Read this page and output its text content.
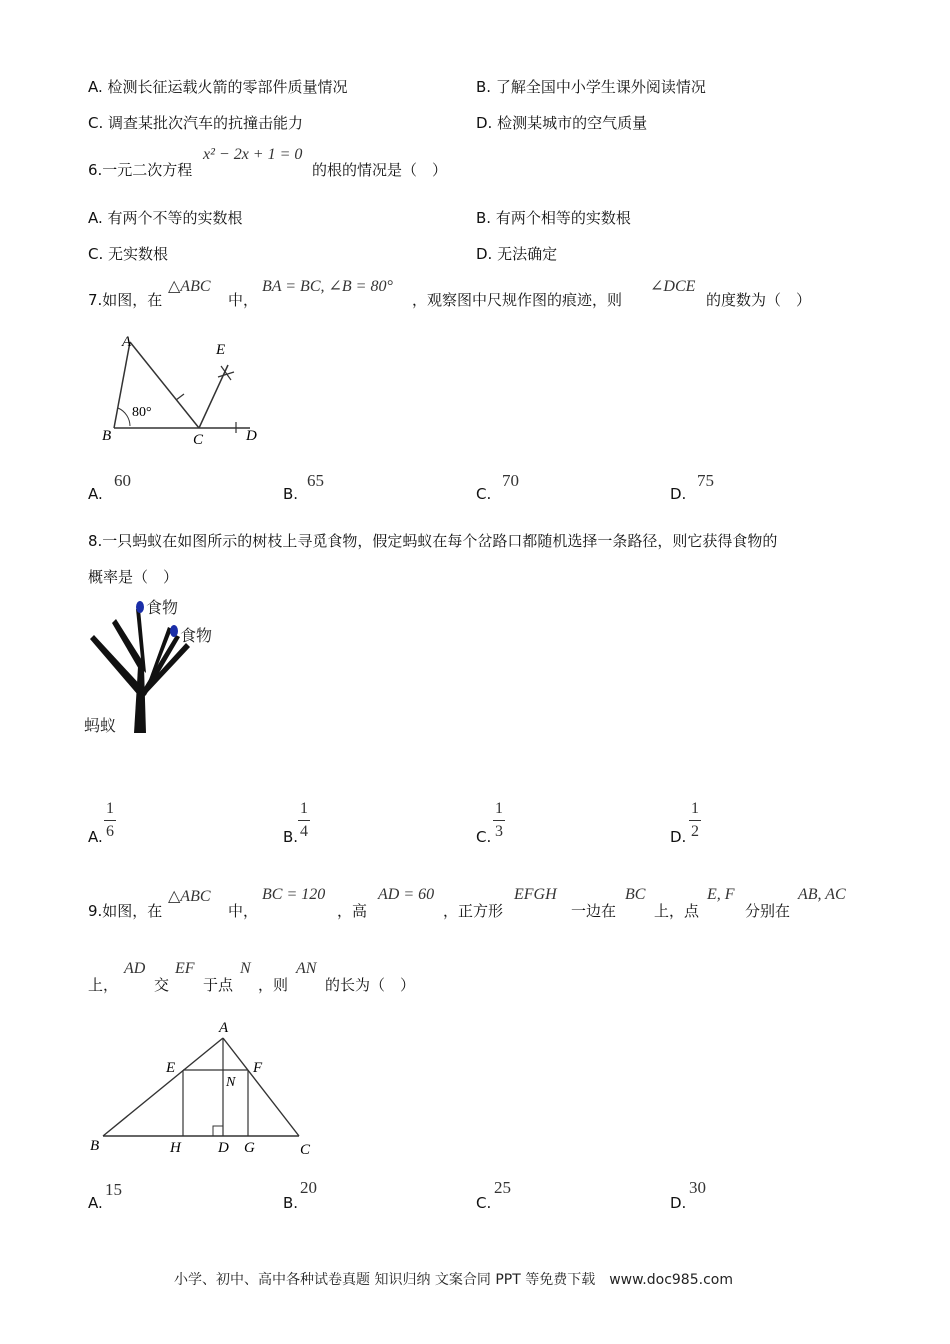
A. 检测长征运载火箭的零部件质量情况	B. 了解全国中小学生课外阅读情况
C. 调查某批次汽车的抗撞击能力	D. 检测某城市的空气质量
6.一元二次方程
x² − 2x + 1 = 0
的根的情况是（　）
A. 有两个不等的实数根	B. 有两个相等的实数根
C. 无实数根	D. 无法确定
7.如图，在
△ABC
中，
BA = BC, ∠B = 80°
，观察图中尺规作图的痕迹，则
∠DCE
的度数为（　）
A
B	C	D
E
80°
A.
60
B.
65
C.
70
D.
75
8.一只蚂蚁在如图所示的树枝上寻觅食物，假定蚂蚁在每个岔路口都随机选择一条路径，则它获得食物的
概率是（　）
食物
食物
蚂蚁
A.
1
6	B.
1
4	C.
1
3	D.
1
2
9.如图，在
△ABC
中，
BC = 120
，高
AD = 60
，正方形
EFGH
一边在
BC
上，点
E, F
分别在
AB, AC
上，
AD
交
EF
于点
N
，则
AN
的长为（　）
A
B	C
D
E	F
G
H
N
A.
15
B.
20
C.
25
D.
30
小学、初中、高中各种试卷真题 知识归纳 文案合同 PPT 等免费下载　www.doc985.com
